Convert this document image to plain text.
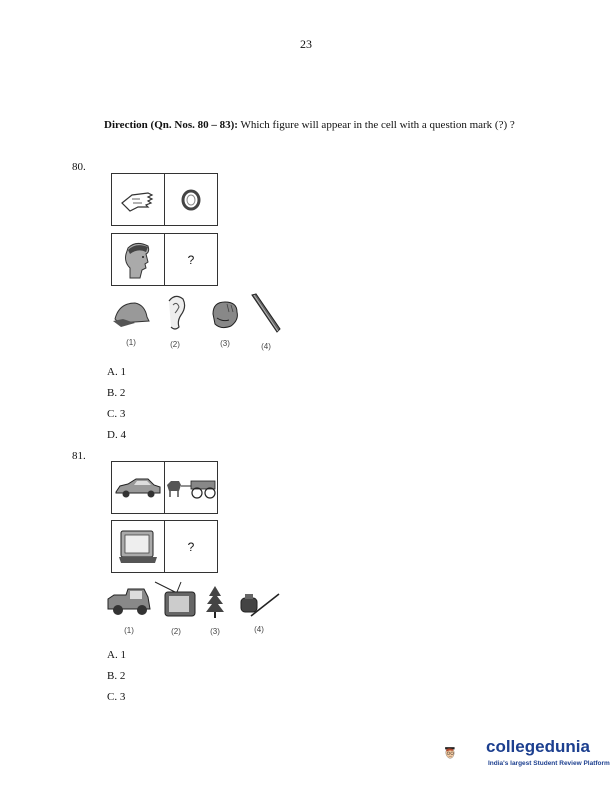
23
Direction (Qn. Nos. 80 – 83): Which figure will appear in the cell with a question mark (?) ?
80.
?
(1)	(2)	(3)	(4)
A. 1
B. 2
C. 3
D. 4
81.
?
(1)	(2)	(3)	(4)
A. 1
B. 2
C. 3
collegedunia
India's largest Student Review Platform
